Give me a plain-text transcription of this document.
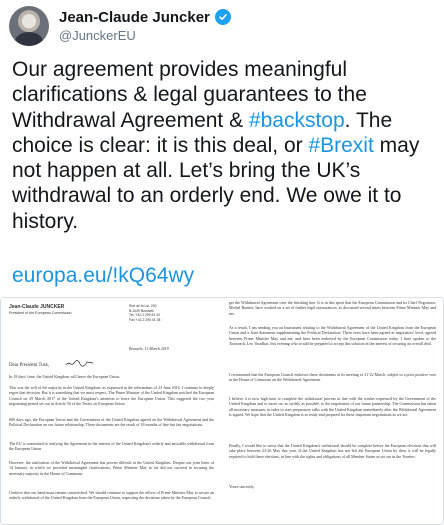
Jean-Claude Juncker
@JunckerEU
Our agreement provides meaningful clarifications & legal guarantees to the Withdrawal Agreement & #backstop. The choice is clear: it is this deal, or #Brexit may not happen at all. Let’s bring the UK’s withdrawal to an orderly end. We owe it to history.
europa.eu/!kQ64wy
Jean-Claude JUNCKER
President of the European Commission
Rue de la Loi, 200
B-1049 Brussels
Tel. +32-2 299 81 20
Fax +32-2 295 01 38
Brussels, 11 March 2019
Dear President Tusk,
In 18 days' time, the United Kingdom will leave the European Union.
This was the will of the majority in the United Kingdom, as expressed in the referendum of 23 June 2016. I continue to deeply regret that decision. But it is something that we must respect. The Prime Minister of the United Kingdom notified the European Council on 29 March 2017 of the United Kingdom's intention to leave the European Union. This triggered the two year negotiating period set out in Article 50 of the Treaty on European Union.
600 days ago, the European Union and the Government of the United Kingdom agreed on the Withdrawal Agreement and the Political Declaration on our future relationship. These documents are the result of 18 months of fine but fair negotiations.
The EU is committed to ratifying the Agreement in the interest of the United Kingdom's orderly and amicable withdrawal from the European Union.
However, the ratification of the Withdrawal Agreement has proven difficult in the United Kingdom. Despite our joint letter of 14 January, in which we provided meaningful clarifications, Prime Minister May so far did not succeed in securing the necessary majority in the House of Commons.
I believe that our hand must remain outstretched. We should continue to support the efforts of Prime Minister May to secure an orderly withdrawal of the United Kingdom from the European Union, respecting the decisions taken by the European Council.
get the Withdrawal Agreement over the finishing line. It is in this spirit that the European Commission and its Chief Negotiator, Michel Barnier, have worked on a set of further legal reassurances, as discussed several times between Prime Minister May and me.
As a result, I am sending you an Instrument relating to the Withdrawal Agreement of the United Kingdom from the European Union and a Joint Statement supplementing the Political Declaration. These texts have been agreed at negotiators' level, agreed between Prime Minister May and me, and have been endorsed by the European Commission today. I have spoken to the Taoiseach, Leo Varadkar, this evening who would be prepared to accept this solution in the interest of securing an overall deal.
I recommend that the European Council endorses these documents at its meeting of 21-22 March, subject to a prior positive vote in the House of Commons on the Withdrawal Agreement.
I believe it is now high time to complete the withdrawal process in line with the wishes expressed by the Government of the United Kingdom and to move on, as swiftly as possible, to the negotiation of our future partnership. The Commission has taken all necessary measures in order to start preparatory talks with the United Kingdom immediately after the Withdrawal Agreement is signed. We hope that the United Kingdom is as ready and prepared for these important negotiations as we are.
Finally, I would like to stress that the United Kingdom's withdrawal should be complete before the European elections that will take place between 23-26 May this year. If the United Kingdom has not left the European Union by then, it will be legally required to hold these elections, in line with the rights and obligations of all Member States as set out in the Treaties.
Yours sincerely,
